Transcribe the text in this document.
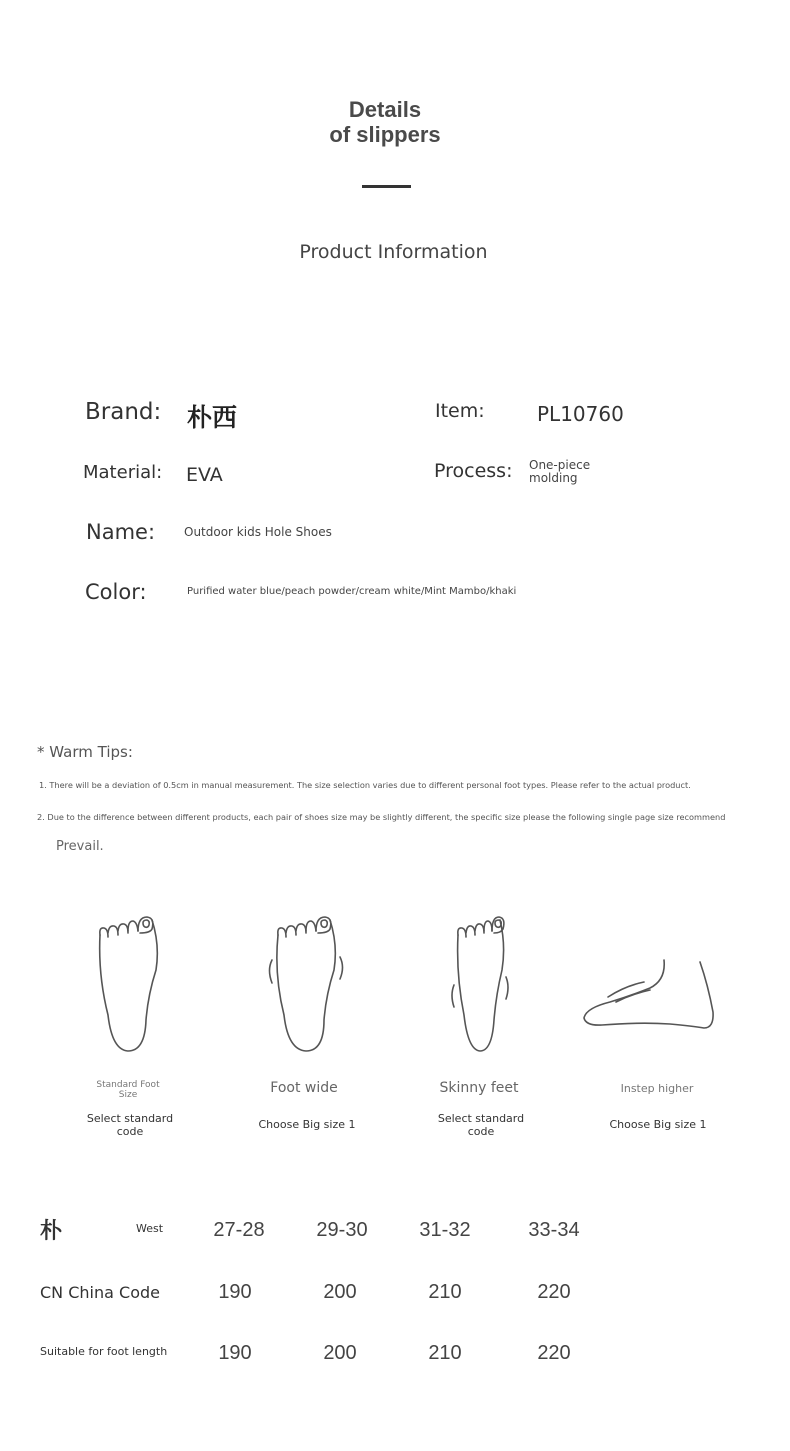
Details
of slippers
Product Information
Brand: 朴西	Item:	PL10760
Material: EVA	Process: One-piece
molding
Name: Outdoor kids Hole Shoes
Color:	Purified water blue/peach powder/cream white/Mint Mambo/khaki
* Warm Tips:
1. There will be a deviation of 0.5cm in manual measurement. The size selection varies due to different personal foot types. Please refer to the actual product.
2. Due to the difference between different products, each pair of shoes size may be slightly different, the specific size please the following single page size recommend
Prevail.
Standard Foot
Size
Select standard
code
Foot wide
Choose Big size 1
Skinny feet
Select standard
code
Instep higher
Choose Big size 1
朴	West	27-28	29-30	31-32	33-34
CN China Code	190	200	210	220
Suitable for foot length	190	200	210	220
